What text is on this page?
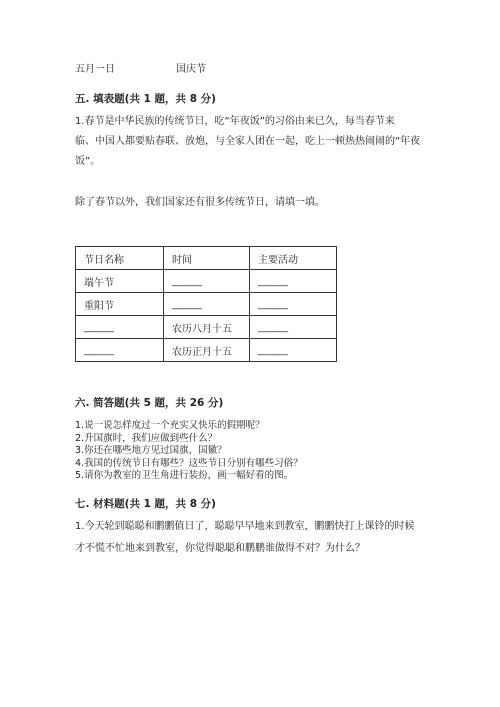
五月一日	国庆节
五. 填表题(共 1 题，共 8 分)
1.春节是中华民族的传统节日，吃“年夜饭”的习俗由来已久，每当春节来
临、中国人都要贴春联、放炮，与全家人团在一起，吃上一顿热热闹闹的“年夜
饭”。
除了春节以外，我们国家还有很多传统节日，请填一填。
节日名称	时间	主要活动
端午节	______	______
重阳节	______	______
______	农历八月十五	______
______	农历正月十五	______
六. 简答题(共 5 题，共 26 分)
1.说一说怎样度过一个充实又快乐的假期呢？
2.升国旗时，我们应做到些什么？
3.你还在哪些地方见过国旗，国徽？
4.我国的传统节日有哪些？这些节日分别有哪些习俗？
5.请你为教室的卫生角进行装扮，画一幅好看的图。
七. 材料题(共 1 题，共 8 分)
1.今天轮到聪聪和鹏鹏值日了，聪聪早早地来到教室，鹏鹏快打上课铃的时候
才不慌不忙地来到教室，你觉得聪聪和鹏鹏谁做得不对？为什么？
